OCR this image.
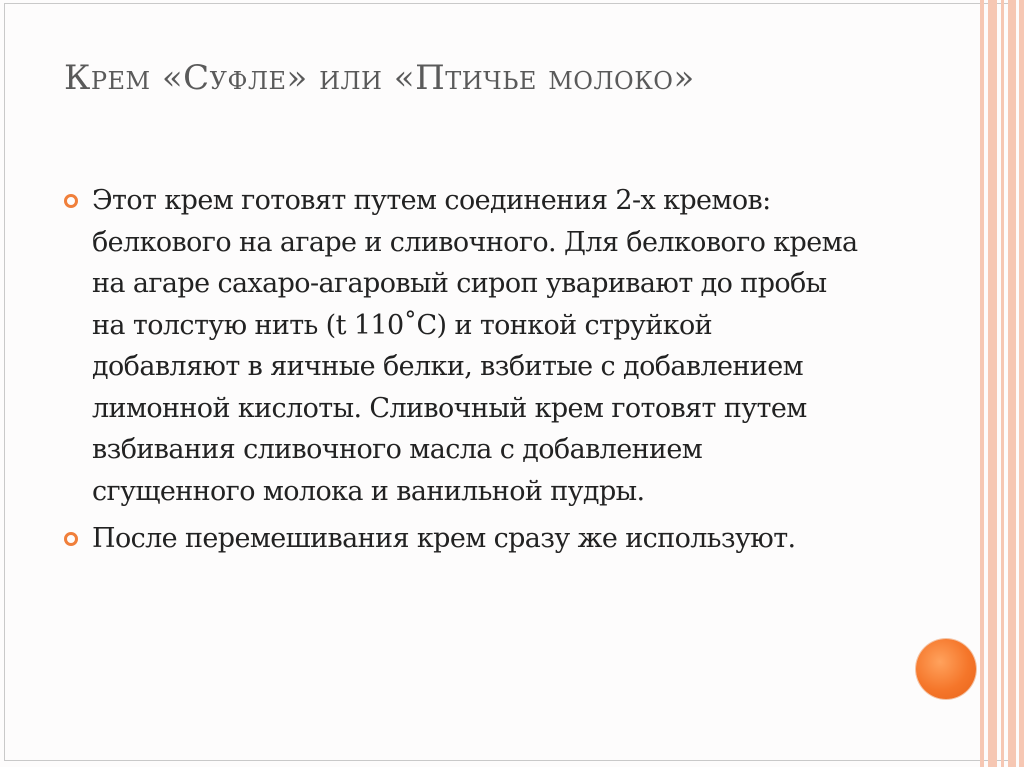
Крем «Суфле» или «Птичье молоко»
Этот крем готовят путем соединения 2-х кремов: белкового на агаре и сливочного. Для белкового крема на агаре сахаро-агаровый сироп уваривают до пробы на толстую нить (t 110˚С) и тонкой струйкой добавляют в яичные белки, взбитые с добавлением лимонной кислоты. Сливочный крем готовят путем взбивания сливочного масла с добавлением сгущенного молока и ванильной пудры.
После перемешивания крем сразу же используют.
